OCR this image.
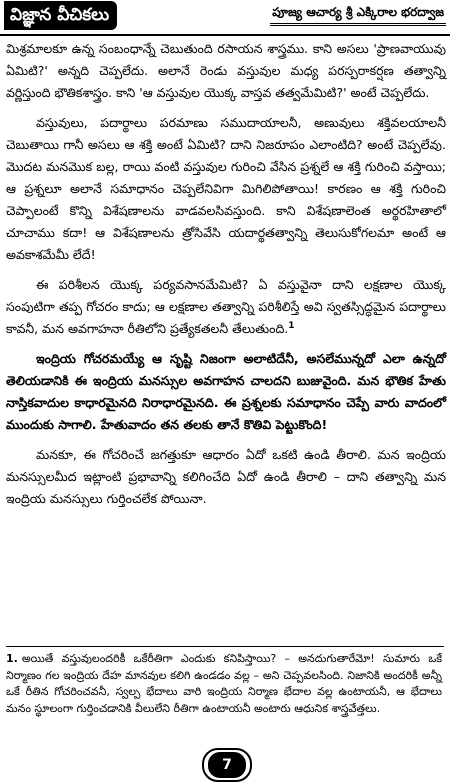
విజ్ఞాన వీచికలు	పూజ్య ఆచార్య శ్రీ ఎక్కిరాల భరద్వాజ

మిశ్రమాలకూ ఉన్న సంబంధాన్నే చెబుతుంది రసాయన శాస్త్రము. కాని అసలు 'ప్రాణవాయువు ఏమిటి?' అన్నది చెప్పలేదు. అలానే రెండు వస్తువుల మధ్య పరస్పరాకర్షణ తత్వాన్ని వర్ణిస్తుంది భౌతికశాస్త్రం. కాని 'ఆ వస్తువుల యొక్క వాస్తవ తత్వమేమిటి?' అంటే చెప్పలేదు.

వస్తువులు, పదార్థాలు పరమాణు సముదాయాలనీ, అణువులు శక్తివలయాలనీ చెబుతాయి గానీ అసలు ఆ శక్తి అంటే ఏమిటి? దాని నిజరూపం ఎలాంటిది? అంటే చెప్పలేవు. మొదట మనమొక బల్ల, రాయి వంటి వస్తువుల గురించి వేసిన ప్రశ్నలే ఆ శక్తి గురించి వస్తాయి; ఆ ప్రశ్నలూ అలానే సమాధానం చెప్పలేనివిగా మిగిలిపోతాయి! కారణం ఆ శక్తి గురించి చెప్పాలంటే కొన్ని విశేషణాలను వాడవలసివస్తుంది. కాని విశేషణాలెంత అర్థరహితాలో చూచాము కదా! ఆ విశేషణాలను త్రోసివేసి యదార్థతత్వాన్ని తెలుసుకోగలమా అంటే ఆ అవకాశమేమీ లేదే!

ఈ పరిశీలన యొక్క పర్యవసానమేమిటి? ఏ వస్తువైనా దాని లక్షణాల యొక్క సంపుటిగా తప్ప గోచరం కాదు; ఆ లక్షణాల తత్వాన్ని పరిశీలిస్తే అవి స్వతస్సిద్ధమైన పదార్థాలు కావనీ, మన అవగాహనా రీతిలోని ప్రత్యేకతలనీ తేలుతుంది.$^1$

ఇంద్రియ గోచరమయ్యే ఆ సృష్టి నిజంగా అలాటిదేనీ, అసలేమున్నదో ఎలా ఉన్నదో తెలియడానికి ఈ ఇంద్రియ మనస్సుల అవగాహన చాలదని బుజువైంది. మన భౌతిక హేతు నాస్తికవాదుల కాధారమైనది నిరాధారమైనది. ఈ ప్రశ్నలకు సమాధానం చెప్పే వారు వాదంలో ముందుకు సాగాలి. హేతువాదం తన తలకు తానే కొతివి పెట్టుకొంది!

మనకూ, ఈ గోచరించే జగత్తుకూ ఆధారం ఏదో ఒకటి ఉండి తీరాలి. మన ఇంద్రియ మనస్సులమీద ఇట్లాంటి ప్రభావాన్ని కలిగించేది ఏదో ఉండి తీరాలి – దాని తత్వాన్ని మన ఇంద్రియ మనస్సులు గుర్తించలేక పోయినా.

1. అయితే వస్తువులందరికీ ఒకేరీతిగా ఎందుకు కనిపిస్తాయి? – అనదుగుతారేమో! సుమారు ఒకే నిర్మాణం గల ఇంద్రియ దేహ మానవుల కలిగి ఉండడం వల్ల – అని చెప్పవలసింది. నిజానికి అందరికీ అన్నీ ఒకే రీతిన గోచరించవనీ, స్వల్ప భేదాలు వారి ఇంద్రియ నిర్మాణ భేదాల వల్ల ఉంటాయనీ, ఆ భేదాలు మనం స్థూలంగా గుర్తించడానికి వీలులేని రీతిగా ఉంటాయనీ అంటారు ఆధునిక శాస్త్రవేత్తలు.
7
